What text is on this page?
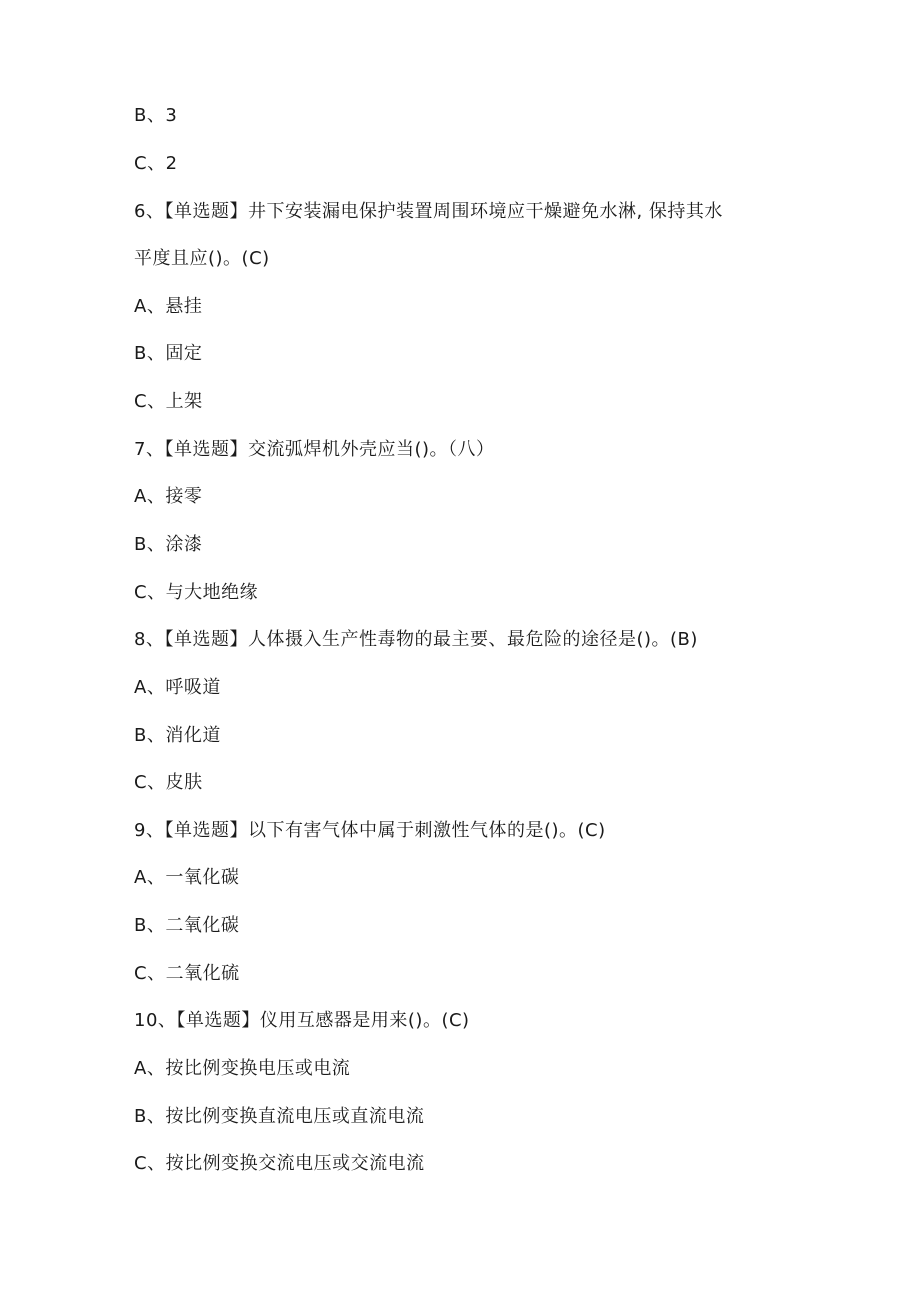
B、3
C、2
6、【单选题】井下安装漏电保护装置周围环境应干燥避免水淋, 保持其水
平度且应()。(C)
A、悬挂
B、固定
C、上架
7、【单选题】交流弧焊机外壳应当()。（八）
A、接零
B、涂漆
C、与大地绝缘
8、【单选题】人体摄入生产性毒物的最主要、最危险的途径是()。(B)
A、呼吸道
B、消化道
C、皮肤
9、【单选题】以下有害气体中属于刺激性气体的是()。(C)
A、一氧化碳
B、二氧化碳
C、二氧化硫
10、【单选题】仪用互感器是用来()。(C)
A、按比例变换电压或电流
B、按比例变换直流电压或直流电流
C、按比例变换交流电压或交流电流
